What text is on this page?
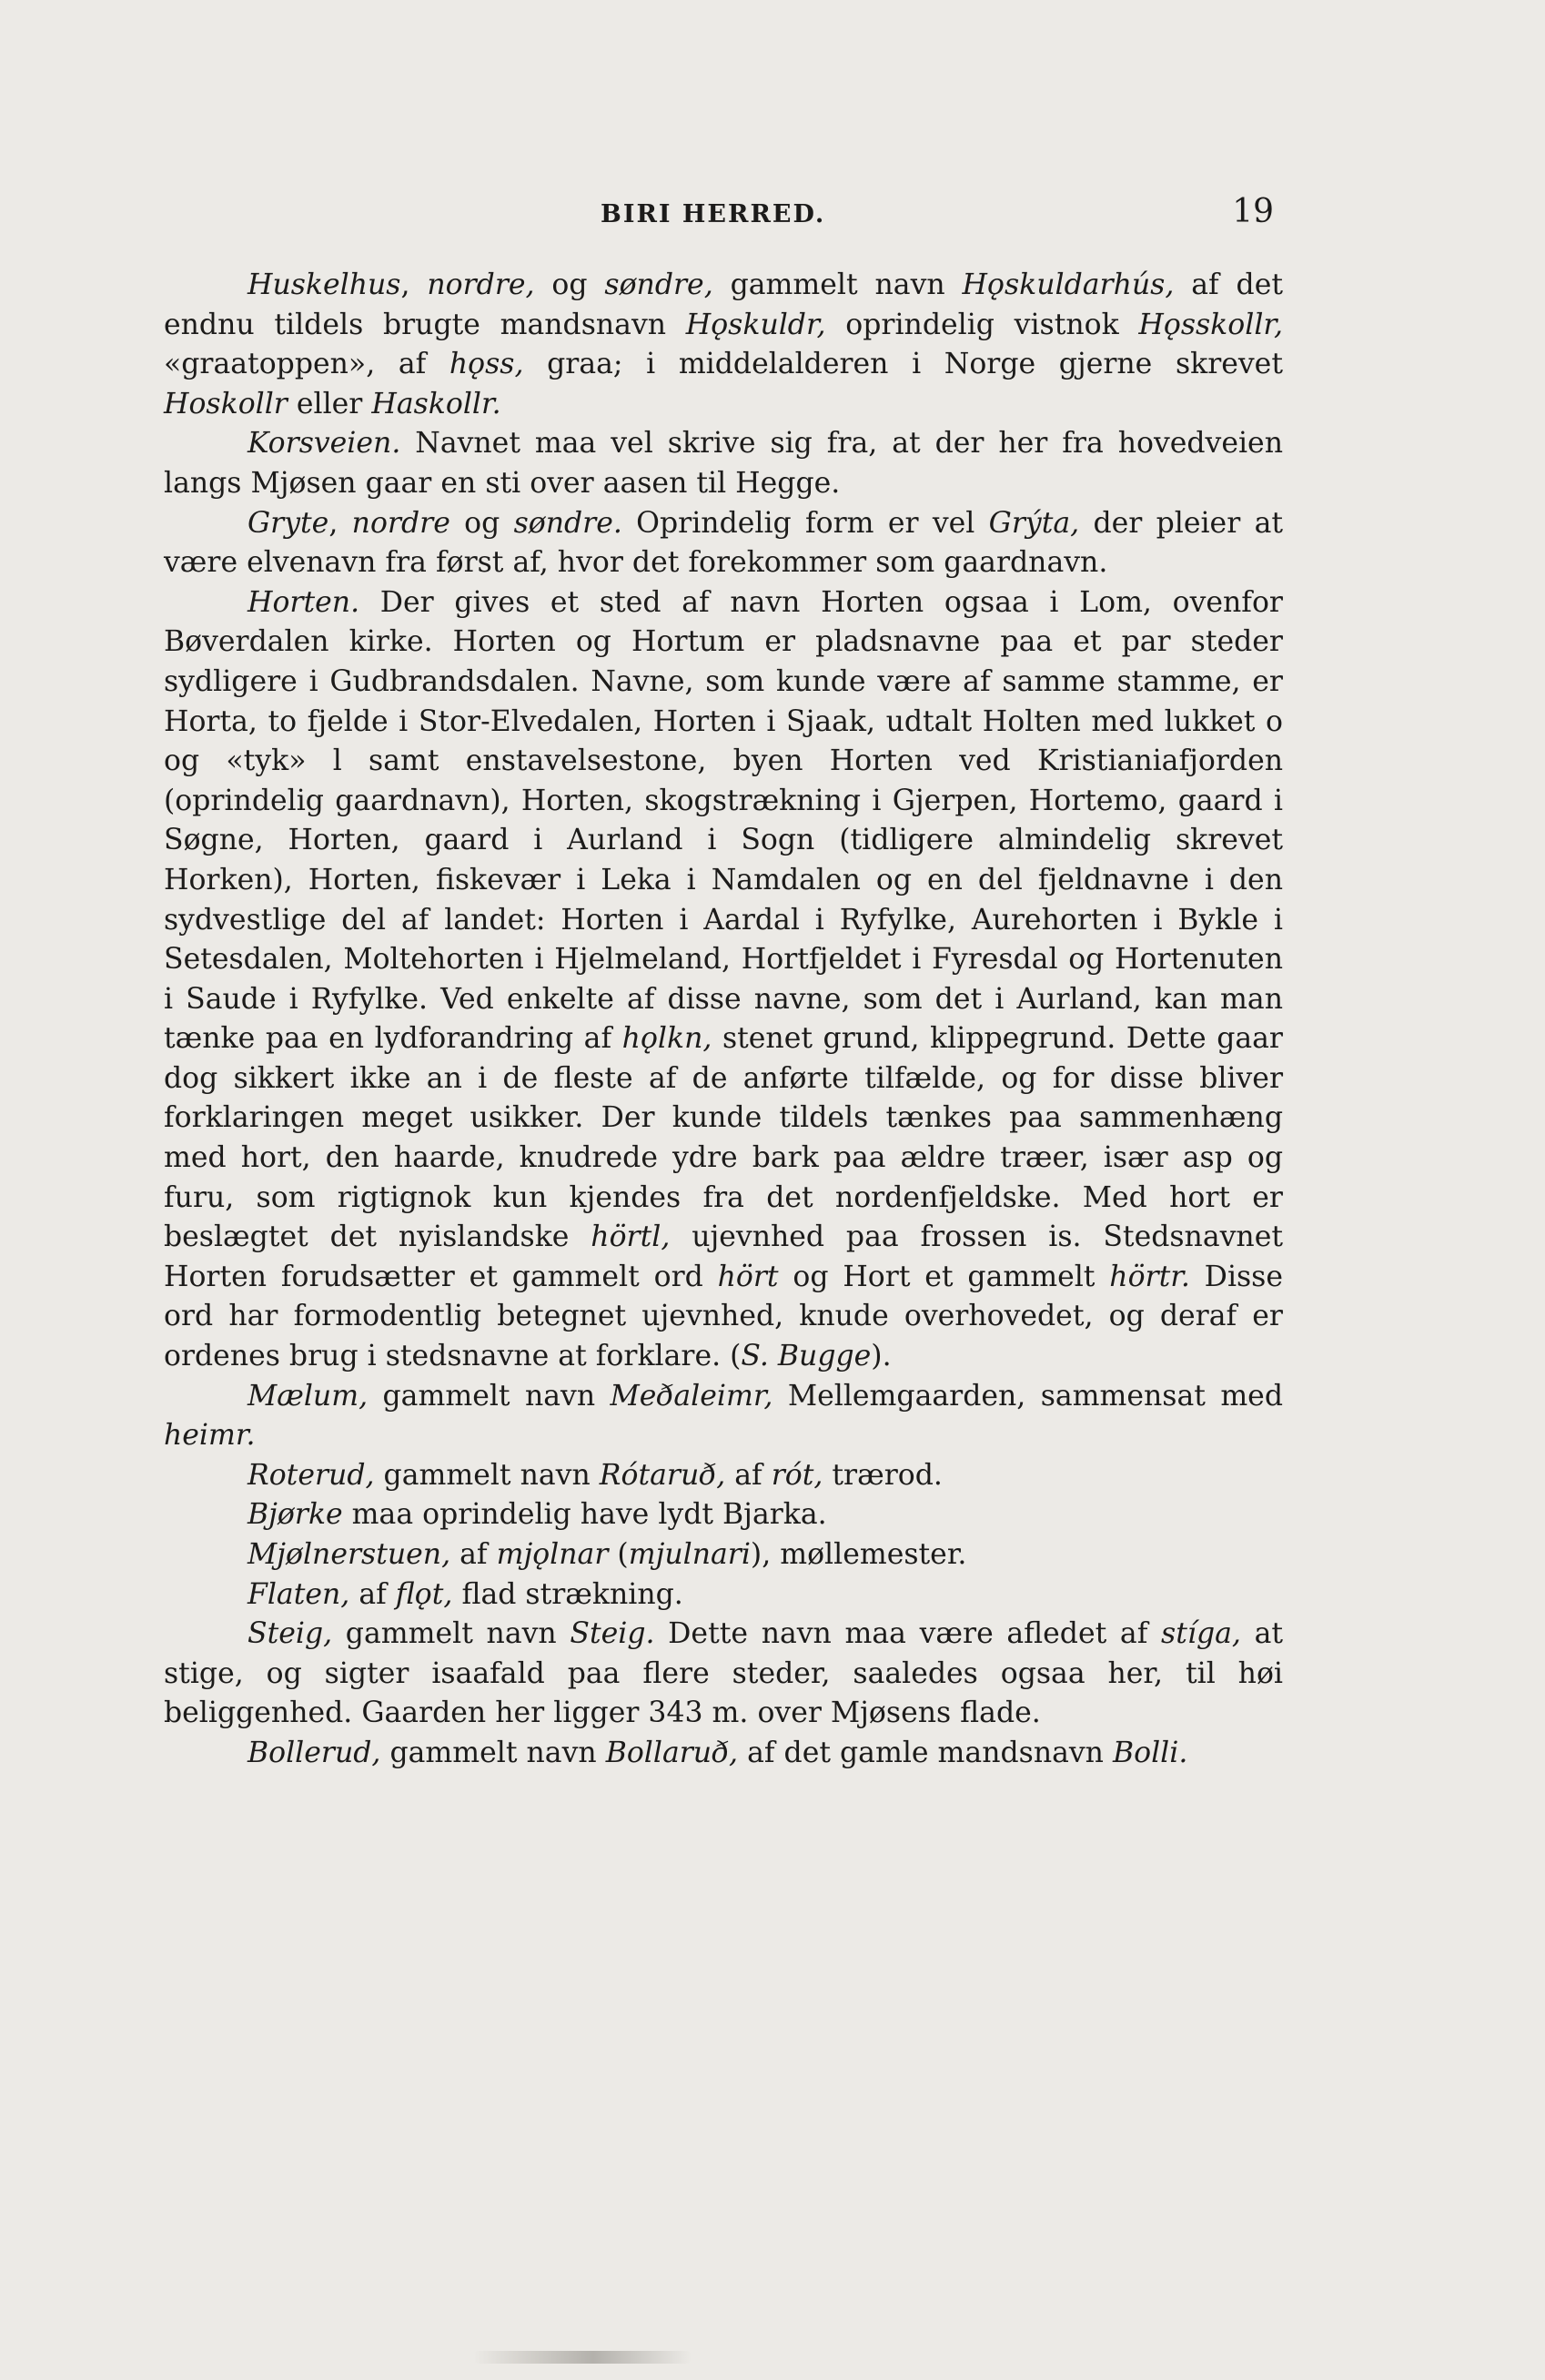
BIRI HERRED.	19

Huskelhus, nordre, og søndre, gammelt navn Hǫskuldarhús, af det endnu tildels brugte mandsnavn Hǫskuldr, oprindelig vistnok Hǫsskollr, «graatoppen», af hǫss, graa; i middelalderen i Norge gjerne skrevet Hoskollr eller Haskollr.

Korsveien. Navnet maa vel skrive sig fra, at der her fra hovedveien langs Mjøsen gaar en sti over aasen til Hegge.

Gryte, nordre og søndre. Oprindelig form er vel Grýta, der pleier at være elvenavn fra først af, hvor det forekommer som gaardnavn.

Horten. Der gives et sted af navn Horten ogsaa i Lom, ovenfor Bøverdalen kirke. Horten og Hortum er pladsnavne paa et par steder sydligere i Gudbrandsdalen. Navne, som kunde være af samme stamme, er Horta, to fjelde i Stor-Elvedalen, Horten i Sjaak, udtalt Holten med lukket o og «tyk» l samt enstavelsestone, byen Horten ved Kristianiafjorden (oprindelig gaardnavn), Horten, skogstrækning i Gjerpen, Hortemo, gaard i Søgne, Horten, gaard i Aurland i Sogn (tidligere almindelig skrevet Horken), Horten, fiskevær i Leka i Namdalen og en del fjeldnavne i den sydvestlige del af landet: Horten i Aardal i Ryfylke, Aurehorten i Bykle i Setesdalen, Moltehorten i Hjelmeland, Hortfjeldet i Fyresdal og Hortenuten i Saude i Ryfylke. Ved enkelte af disse navne, som det i Aurland, kan man tænke paa en lydforandring af hǫlkn, stenet grund, klippegrund. Dette gaar dog sikkert ikke an i de fleste af de anførte tilfælde, og for disse bliver forklaringen meget usikker. Der kunde tildels tænkes paa sammenhæng med hort, den haarde, knudrede ydre bark paa ældre træer, især asp og furu, som rigtignok kun kjendes fra det nordenfjeldske. Med hort er beslægtet det nyislandske hörtl, ujevnhed paa frossen is. Stedsnavnet Horten forudsætter et gammelt ord hört og Hort et gammelt hörtr. Disse ord har formodentlig betegnet ujevnhed, knude overhovedet, og deraf er ordenes brug i stedsnavne at forklare. (S. Bugge).

Mælum, gammelt navn Meðaleimr, Mellemgaarden, sammensat med heimr.

Roterud, gammelt navn Rótaruð, af rót, trærod.

Bjørke maa oprindelig have lydt Bjarka.

Mjølnerstuen, af mjǫlnar (mjulnari), møllemester.

Flaten, af flǫt, flad strækning.

Steig, gammelt navn Steig. Dette navn maa være afledet af stíga, at stige, og sigter isaafald paa flere steder, saaledes ogsaa her, til høi beliggenhed. Gaarden her ligger 343 m. over Mjøsens flade.

Bollerud, gammelt navn Bollaruð, af det gamle mandsnavn Bolli.
